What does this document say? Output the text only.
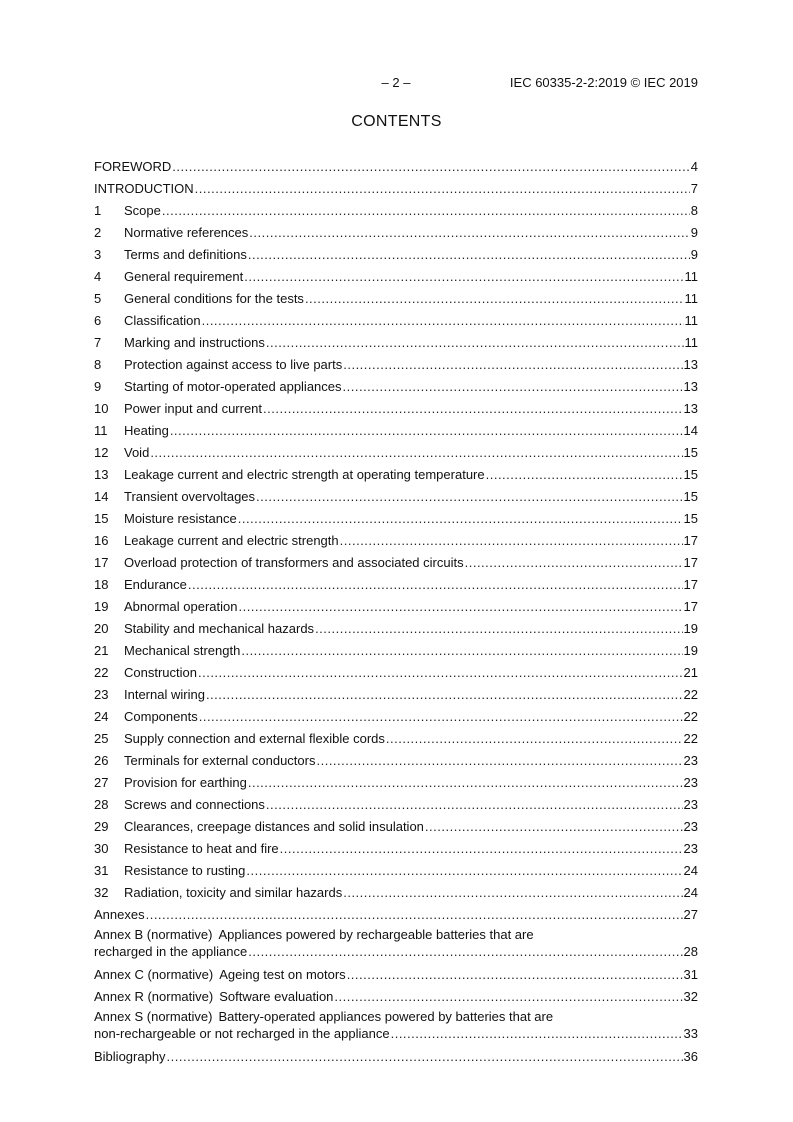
– 2 –	IEC 60335-2-2:2019 © IEC 2019
CONTENTS
FOREWORD .....	4
INTRODUCTION .....	7
1	Scope .....	8
2	Normative references .....	9
3	Terms and definitions .....	9
4	General requirement .....	11
5	General conditions for the tests .....	11
6	Classification .....	11
7	Marking and instructions .....	11
8	Protection against access to live parts .....	13
9	Starting of motor-operated appliances .....	13
10	Power input and current .....	13
11	Heating .....	14
12	Void .....	15
13	Leakage current and electric strength at operating temperature .....	15
14	Transient overvoltages .....	15
15	Moisture resistance .....	15
16	Leakage current and electric strength .....	17
17	Overload protection of transformers and associated circuits .....	17
18	Endurance .....	17
19	Abnormal operation .....	17
20	Stability and mechanical hazards .....	19
21	Mechanical strength .....	19
22	Construction .....	21
23	Internal wiring .....	22
24	Components .....	22
25	Supply connection and external flexible cords .....	22
26	Terminals for external conductors .....	23
27	Provision for earthing .....	23
28	Screws and connections .....	23
29	Clearances, creepage distances and solid insulation .....	23
30	Resistance to heat and fire .....	23
31	Resistance to rusting .....	24
32	Radiation, toxicity and similar hazards .....	24
Annexes .....	27
Annex B (normative) Appliances powered by rechargeable batteries that are
recharged in the appliance .....	28
Annex C (normative) Ageing test on motors .....	31
Annex R (normative) Software evaluation .....	32
Annex S (normative) Battery-operated appliances powered by batteries that are
non-rechargeable or not recharged in the appliance .....	33
Bibliography .....	36
